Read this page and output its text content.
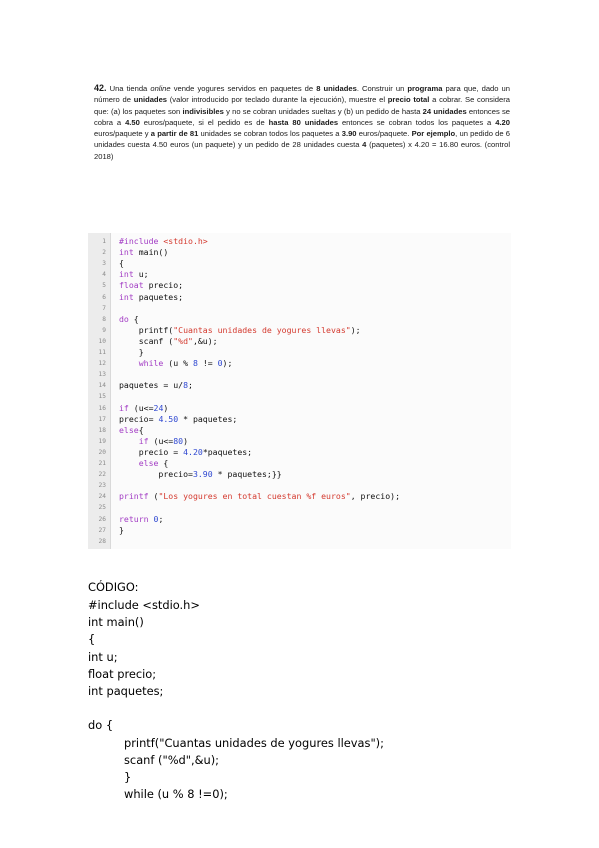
42. Una tienda online vende yogures servidos en paquetes de 8 unidades. Construir un programa para que, dado un número de unidades (valor introducido por teclado durante la ejecución), muestre el precio total a cobrar. Se considera que: (a) los paquetes son indivisibles y no se cobran unidades sueltas y (b) un pedido de hasta 24 unidades entonces se cobra a 4.50 euros/paquete, si el pedido es de hasta 80 unidades entonces se cobran todos los paquetes a 4.20 euros/paquete y a partir de 81 unidades se cobran todos los paquetes a 3.90 euros/paquete. Por ejemplo, un pedido de 6 unidades cuesta 4.50 euros (un paquete) y un pedido de 28 unidades cuesta 4 (paquetes) x 4.20 = 16.80 euros. (control 2018)
1 #include <stdio.h>
2 int main()
3 {
4 int u;
5 float precio;
6 int paquetes;
7
8 do {
9 printf("Cuantas unidades de yogures llevas");
10 scanf ("%d",&u);
11 }
12 while (u % 8 != 0);
13
14 paquetes = u/8;
15
16 if (u<=24)
17 precio= 4.50 * paquetes;
18 else{
19 if (u<=80)
20 precio = 4.20*paquetes;
21 else {
22 precio=3.90 * paquetes;}}
23
24 printf ("Los yogures en total cuestan %f euros", precio);
25
26 return 0;
27 }
28
CÓDIGO:
#include <stdio.h>
int main()
{
int u;
float precio;
int paquetes;
do {
printf("Cuantas unidades de yogures llevas");
scanf ("%d",&u);
}
while (u % 8 !=0);
